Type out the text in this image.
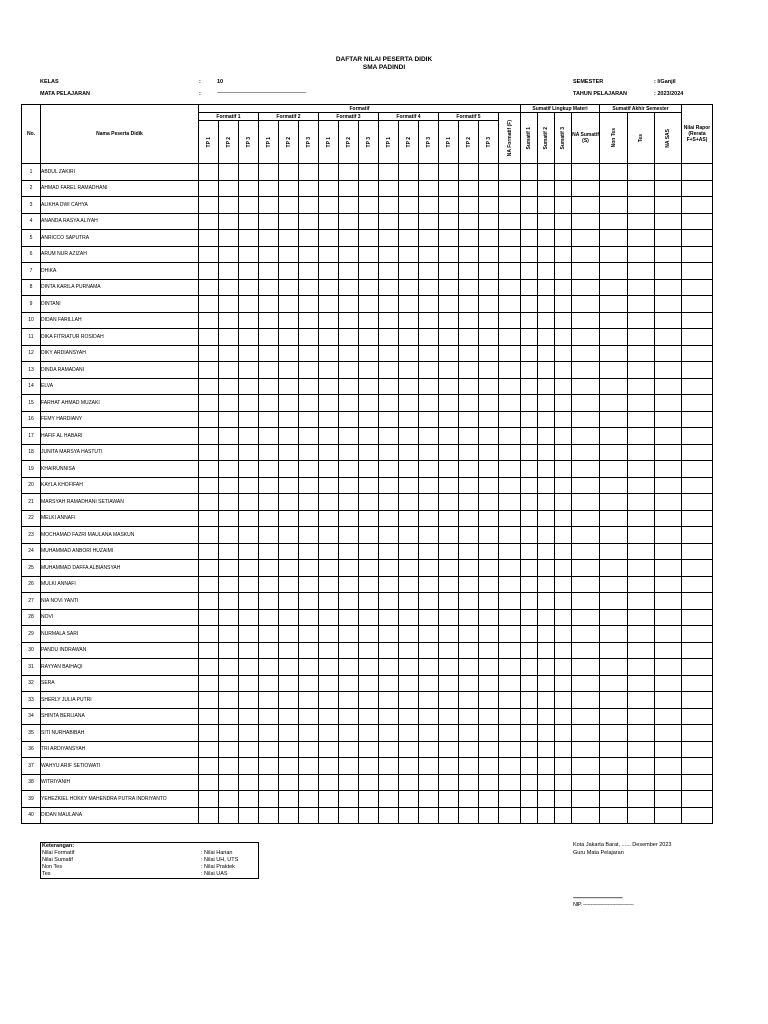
DAFTAR NILAI PESERTA DIDIK
SMA PADINDI
KELAS	:	10
MATA PELAJARAN	:	------------------------------------------------------------------------
SEMESTER	: I/Ganjil
TAHUN PELAJARAN	: 2023/2024
No.	Nama Peserta Didik	Formatif																Sumatif Lingkup Materi				Sumatif Akhir Semester			Nilai Rapor (Rerata F+S+AS)
		Formatif 1			Formatif 2			Formatif 3			Formatif 4			Formatif 5			NA Formatif (F)	Sumatif 1	Sumatif 2	Sumatif 3	NA Sumatif (S)	Non Tes	Tes	NA SAS	

		TP 1	TP 2	TP 3	TP 1	TP 2	TP 3	TP 1	TP 2	TP 3	TP 1	TP 2	TP 3	TP 1	TP 2	TP 3									

1	ABDUL ZAKIRI																								
2	AHMAD FAREL RAMADHANI																								
3	ALIKHA DWI CAHYA																								
4	ANANDA RASYA ALIYAH																								
5	ANRICCO SAPUTRA																								
6	ARUM NUR AZIZAH																								
7	DHIKA																								
8	DINTA KARILA PURNAMA																								
9	DINTANI																								
10	DIDAN FARILLAH																								
11	DIKA FITRIATUR ROSIDAH																								
12	DIKY ARDIANSYAH																								
13	DINDA RAMADANI																								
14	ELVA																								
15	FARHAT AHMAD MUZAKI																								
16	FEMY HARDIANY																								
17	HAFIF AL HABARI																								
18	JUNITA MARSYA HASTUTI																								
19	KHAIRUNNISA																								
20	KAYLA KHOFIFAH																								
21	MARSYAH RAMADHANI SETIAWAN																								
22	MELKI ANNAFI																								
23	MOCHAMAD FAZRI MAULANA MASKUN																								
24	MUHAMMAD ANBORI HUZAIMI																								
25	MUHAMMAD DAFFA ALBIANSYAH																								
26	MULKI ANNAFI																								
27	NIA NOVI YANTI																								
28	NOVI																								
29	NURMALA SARI																								
30	PANDU INDRAWAN																								
31	RAYYAN BAIHAQI																								
32	SERA																								
33	SHERLY JULIA PUTRI																								
34	SHINTA BERLIANA																								
35	SITI NURHABIBAH																								
36	TRI ARDIYANSYAH																								
37	WAHYU ARIF SETIOWATI																								
38	WITRIYANIH																								
39	YEHEZKIEL HOKKY MAHENDRA PUTRA INDRIYANTO																								
40	DIDAN MAULANA																								
Keterangan:
Nilai Formatif	: Nilai Harian
Nilai Sumatif	: Nilai UH, UTS
Non Tes	: Nilai Praktek
Tes	: Nilai UAS
Kota Jakarta Barat, ...... Desember 2023
Guru Mata Pelajaran
----------------------------------------
NIP. ---------------------------------
